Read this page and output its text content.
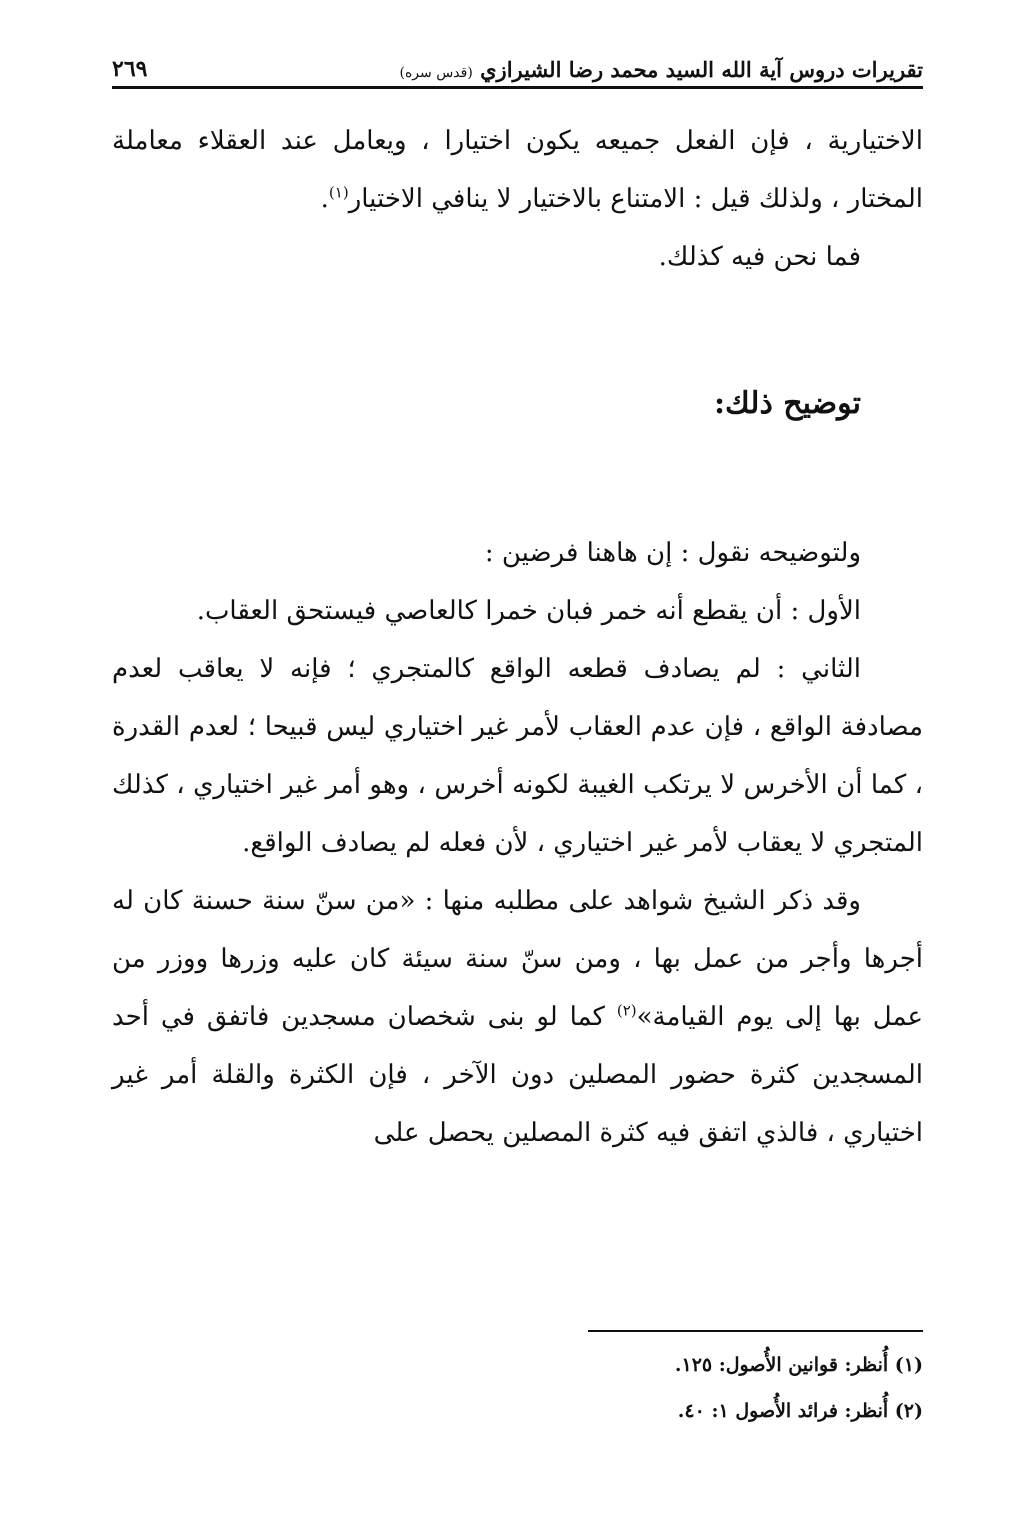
تقريرات دروس آية الله السيد محمد رضا الشيرازي (قدس سره)
٢٦٩

الاختيارية ، فإن الفعل جميعه يكون اختيارا ، ويعامل عند العقلاء معاملة المختار ، ولذلك قيل : الامتناع بالاختيار لا ينافي الاختيار$^{(١)}$.

فما نحن فيه كذلك.

توضيح ذلك:

ولتوضيحه نقول : إن هاهنا فرضين :

الأول : أن يقطع أنه خمر فبان خمرا كالعاصي فيستحق العقاب.

الثاني : لم يصادف قطعه الواقع كالمتجري ؛ فإنه لا يعاقب لعدم مصادفة الواقع ، فإن عدم العقاب لأمر غير اختياري ليس قبيحا ؛ لعدم القدرة ، كما أن الأخرس لا يرتكب الغيبة لكونه أخرس ، وهو أمر غير اختياري ، كذلك المتجري لا يعقاب لأمر غير اختياري ، لأن فعله لم يصادف الواقع.

وقد ذكر الشيخ شواهد على مطلبه منها : «من سنّ سنة حسنة كان له أجرها وأجر من عمل بها ، ومن سنّ سنة سيئة كان عليه وزرها ووزر من عمل بها إلى يوم القيامة»$^{(٢)}$ كما لو بنى شخصان مسجدين فاتفق في أحد المسجدين كثرة حضور المصلين دون الآخر ، فإن الكثرة والقلة أمر غير اختياري ، فالذي اتفق فيه كثرة المصلين يحصل على

(١) أُنظر: قوانين الأُصول: ١٢٥.

(٢) أُنظر: فرائد الأُصول ١: ٤٠.
